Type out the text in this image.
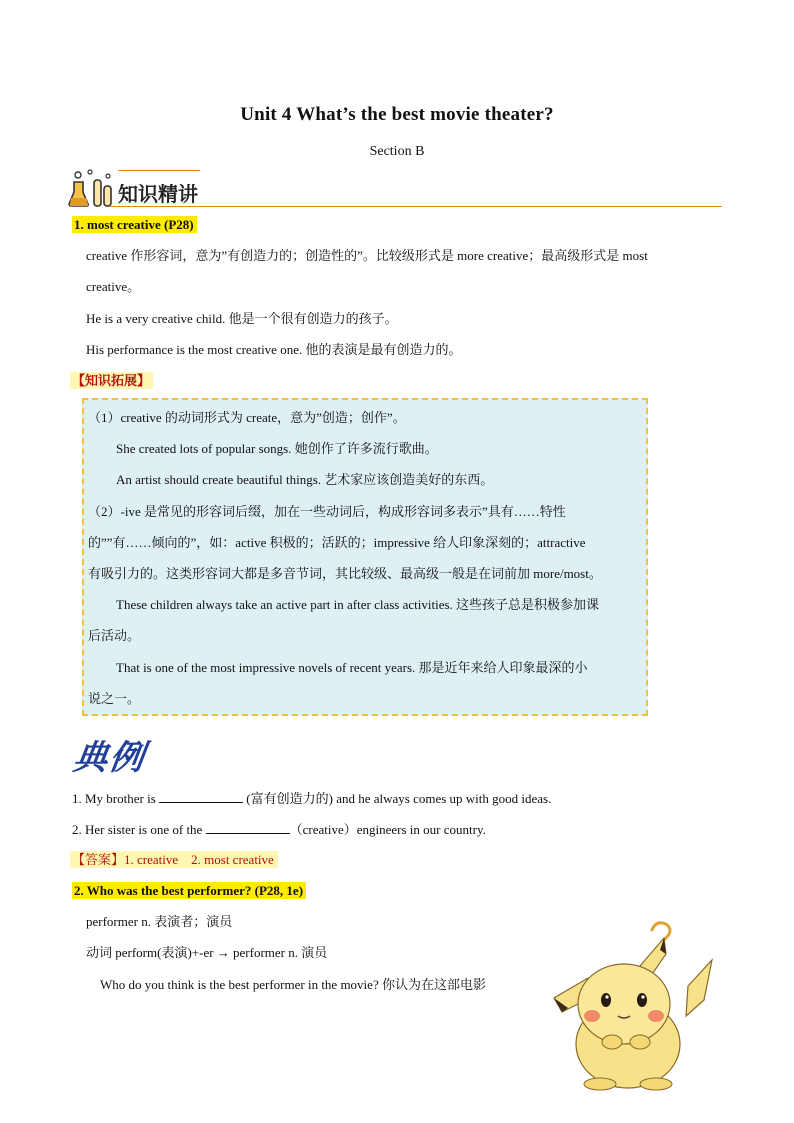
Unit 4 What’s the best movie theater?
Section B
知识精讲
1. most creative (P28)
creative 作形容词，意为”有创造力的；创造性的”。比较级形式是 more creative；最高级形式是 most
creative。
He is a very creative child. 他是一个很有创造力的孩子。
His performance is the most creative one. 他的表演是最有创造力的。
【知识拓展】
（1）creative 的动词形式为 create，意为”创造；创作”。
She created lots of popular songs. 她创作了许多流行歌曲。
An artist should create beautiful things. 艺术家应该创造美好的东西。
（2）-ive 是常见的形容词后缀，加在一些动词后，构成形容词多表示”具有……特性
的””有……倾向的”，如：active 积极的；活跃的；impressive 给人印象深刻的；attractive
有吸引力的。这类形容词大都是多音节词，其比较级、最高级一般是在词前加 more/most。
These children always take an active part in after class activities. 这些孩子总是积极参加课
后活动。
That is one of the most impressive novels of recent years. 那是近年来给人印象最深的小
说之一。
典例
1. My brother is	(富有创造力的) and he always comes up with good ideas.
2. Her sister is one of the	（creative）engineers in our country.
【答案】1. creative    2. most creative
2. Who was the best performer? (P28, 1e)
performer n. 表演者；演员
动词 perform(表演)+-er → performer n. 演员
Who do you think is the best performer in the movie? 你认为在这部电影
